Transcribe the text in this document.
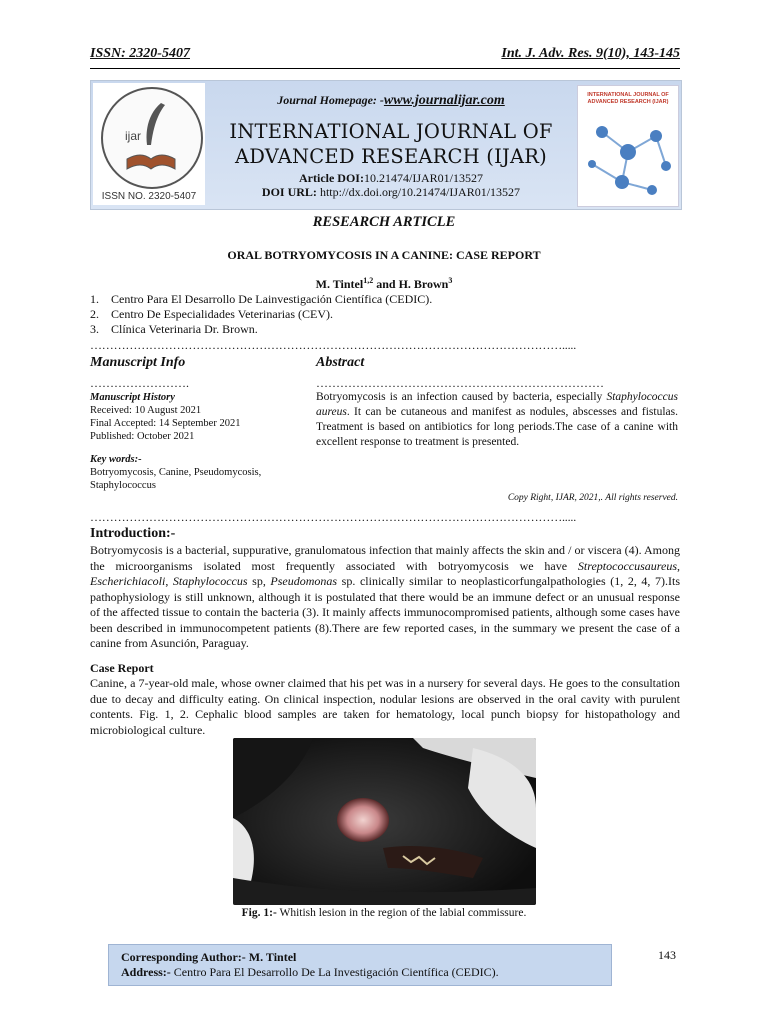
ISSN: 2320-5407	Int. J. Adv. Res. 9(10), 143-145
ijar
ISSN NO. 2320-5407
Journal Homepage: -www.journalijar.com
INTERNATIONAL JOURNAL OF
ADVANCED RESEARCH (IJAR)
Article DOI:10.21474/IJAR01/13527
DOI URL: http://dx.doi.org/10.21474/IJAR01/13527
INTERNATIONAL JOURNAL OF ADVANCED RESEARCH (IJAR)
RESEARCH ARTICLE
ORAL BOTRYOMYCOSIS IN A CANINE: CASE REPORT
M. Tintel$^{1,2}$ and H. Brown$^3$
1.    Centro Para El Desarrollo De Lainvestigación Científica (CEDIC).
2.    Centro De Especialidades Veterinarias (CEV).
3.    Clínica Veterinaria Dr. Brown.
………………………………………………………………………………………………………….....
Manuscript Info	Abstract
…………………….	………………………………………………………………
Manuscript History
Received: 10 August 2021
Final Accepted: 14 September 2021
Published: October 2021
Key words:-
Botryomycosis, Canine, Pseudomycosis, Staphylococcus
Botryomycosis is an infection caused by bacteria, especially Staphylococcus aureus. It can be cutaneous and manifest as nodules, abscesses and fistulas. Treatment is based on antibiotics for long periods.The case of a canine with excellent response to treatment is presented.
Copy Right, IJAR, 2021,. All rights reserved.
………………………………………………………………………………………………………….....
Introduction:-
Botryomycosis is a bacterial, suppurative, granulomatous infection that mainly affects the skin and / or viscera (4). Among the microorganisms isolated most frequently associated with botryomycosis we have Streptococcusaureus, Escherichiacoli, Staphylococcus sp, Pseudomonas sp. clinically similar to neoplasticorfungalpathologies (1, 2, 4, 7).Its pathophysiology is still unknown, although it is postulated that there would be an immune defect or an unusual response of the affected tissue to contain the bacteria (3). It mainly affects immunocompromised patients, although some cases have been described in immunocompetent patients (8).There are few reported cases, in the summary we present the case of a canine from Asunción, Paraguay.
Case Report
Canine, a 7-year-old male, whose owner claimed that his pet was in a nursery for several days. He goes to the consultation due to decay and difficulty eating. On clinical inspection, nodular lesions are observed in the oral cavity with purulent contents. Fig. 1, 2. Cephalic blood samples are taken for hematology, local punch biopsy for histopathology and microbiological culture.
Fig. 1:- Whitish lesion in the region of the labial commissure.
Corresponding Author:- M. Tintel
Address:- Centro Para El Desarrollo De La Investigación Científica (CEDIC).
143
